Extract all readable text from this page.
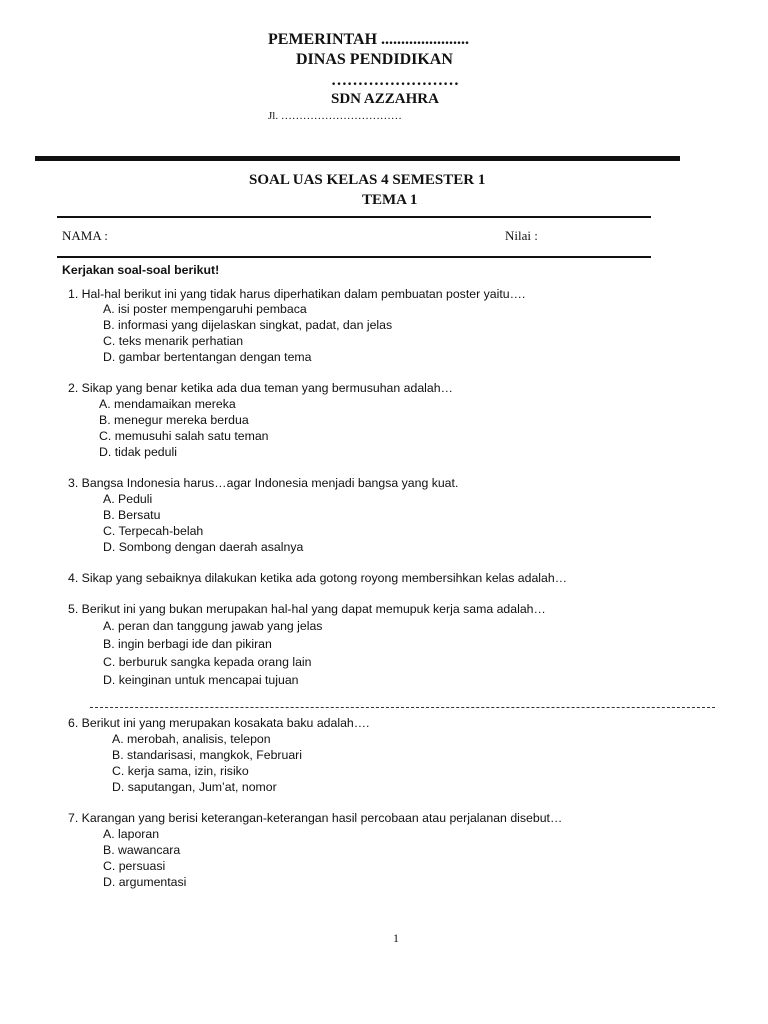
PEMERINTAH ......................
DINAS PENDIDIKAN
……………………
SDN AZZAHRA
Jl. ……………………………
SOAL UAS KELAS 4 SEMESTER 1
TEMA 1
NAMA :	Nilai :
Kerjakan soal-soal berikut!
1. Hal-hal berikut ini yang tidak harus diperhatikan dalam pembuatan poster yaitu….
A. isi poster mempengaruhi pembaca
B. informasi yang dijelaskan singkat, padat, dan jelas
C. teks menarik perhatian
D. gambar bertentangan dengan tema
2. Sikap yang benar ketika ada dua teman yang bermusuhan adalah…
A. mendamaikan mereka
B. menegur mereka berdua
C. memusuhi salah satu teman
D. tidak peduli
3. Bangsa Indonesia harus…agar Indonesia menjadi bangsa yang kuat.
A. Peduli
B. Bersatu
C. Terpecah-belah
D. Sombong dengan daerah asalnya
4. Sikap yang sebaiknya dilakukan ketika ada gotong royong membersihkan kelas adalah…
5. Berikut ini yang bukan merupakan hal-hal yang dapat memupuk kerja sama adalah…
A. peran dan tanggung jawab yang jelas
B. ingin berbagi ide dan pikiran
C. berburuk sangka kepada orang lain
D. keinginan untuk mencapai tujuan
6. Berikut ini yang merupakan kosakata baku adalah….
A. merobah, analisis, telepon
B. standarisasi, mangkok, Februari
C. kerja sama, izin, risiko
D. saputangan, Jum’at, nomor
7. Karangan yang berisi keterangan-keterangan hasil percobaan atau perjalanan disebut…
A. laporan
B. wawancara
C. persuasi
D. argumentasi
1
